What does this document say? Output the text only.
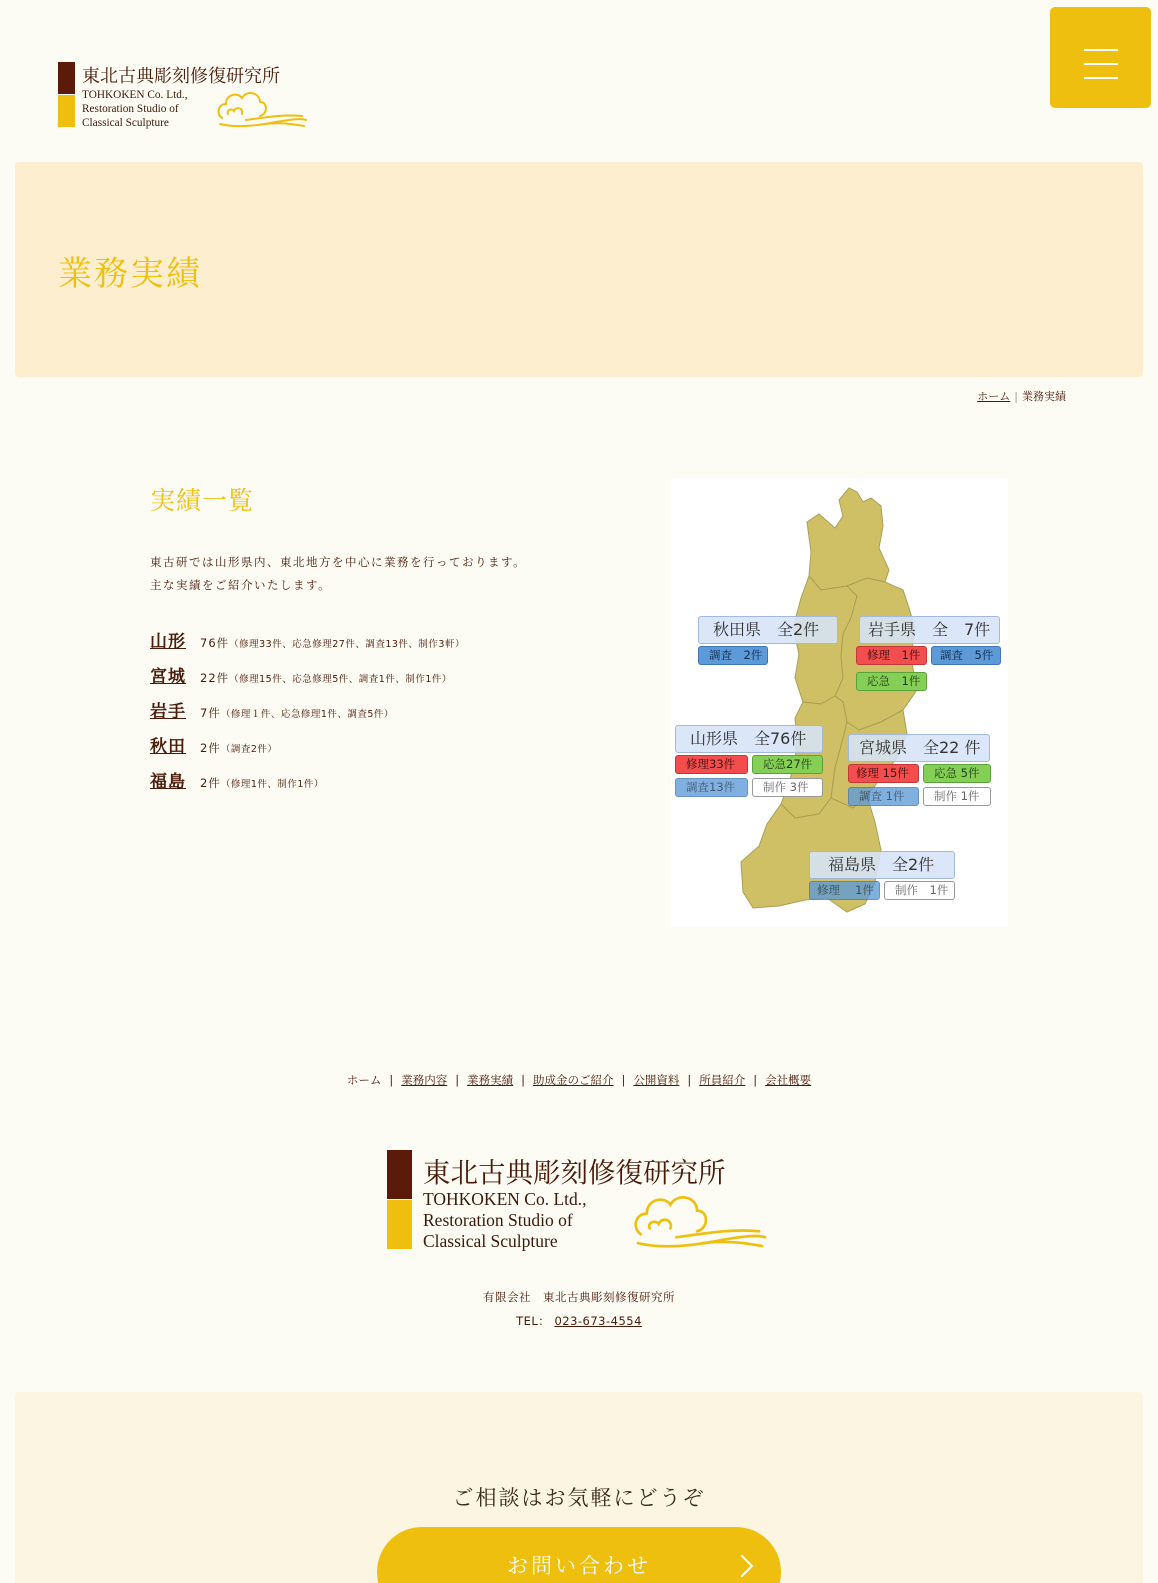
東北古典彫刻修復研究所
TOHKOKEN Co. Ltd.,
Restoration Studio of
Classical Sculpture
業務実績
ホーム | 業務実績
実績一覧

東古研では山形県内、東北地方を中心に業務を行っております。
主な実績をご紹介いたします。

山形	76件 （修理33件、応急修理27件、調査13件、制作3軒）
宮城	22件 （修理15件、応急修理5件、調査1件、制作1件）
岩手	7件 （修理１件、応急修理1件、調査5件）
秋田	2件 （調査2件）
福島	2件 （修理1件、制作1件）
秋田県　全2件
調査　2件
岩手県　全　7件
修理　1件	調査　5件
応急　1件
山形県　全76件
修理33件	応急27件
調査13件	制作 3件
宮城県　全22 件
修理 15件	応急 5件
調査 1件	制作 1件
福島県　全2件
修理　 1件	制作　1件
ホーム | 業務内容 | 業務実績 | 助成金のご紹介 | 公開資料 | 所員紹介 | 会社概要
東北古典彫刻修復研究所
TOHKOKEN Co. Ltd.,
Restoration Studio of
Classical Sculpture
有限会社　東北古典彫刻修復研究所
TEL： 023-673-4554
ご相談はお気軽にどうぞ
お問い合わせ
